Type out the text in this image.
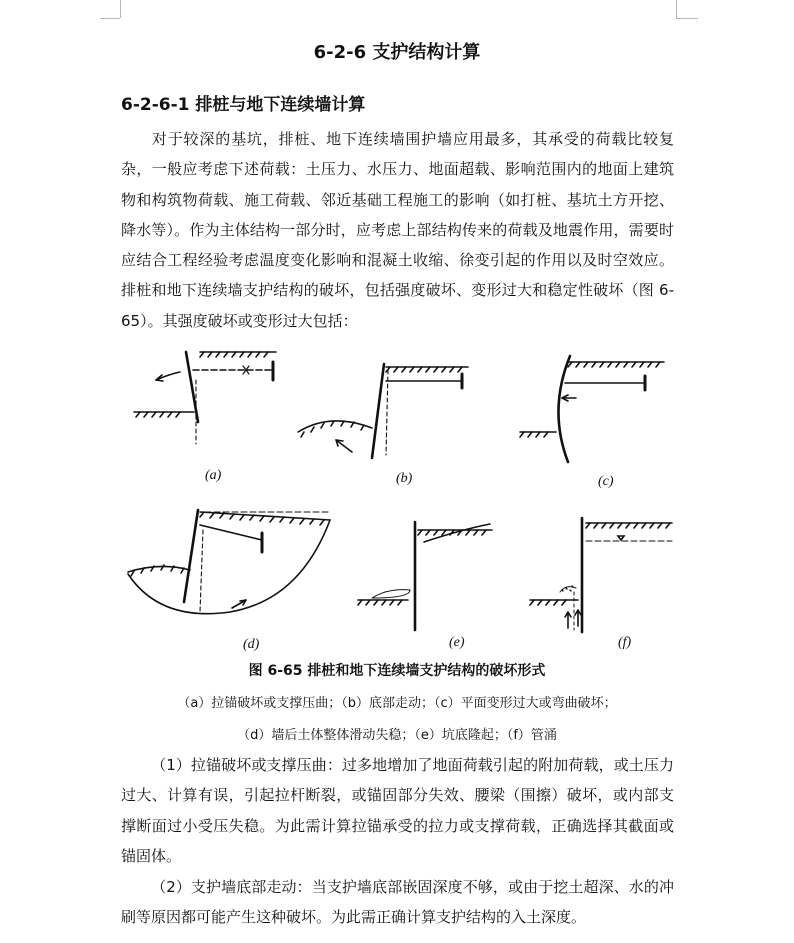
6-2-6 支护结构计算
6-2-6-1 排桩与地下连续墙计算

对于较深的基坑，排桩、地下连续墙围护墙应用最多，其承受的荷载比较复杂，一般应考虑下述荷载：土压力、水压力、地面超载、影响范围内的地面上建筑物和构筑物荷载、施工荷载、邻近基础工程施工的影响（如打桩、基坑土方开挖、降水等）。作为主体结构一部分时，应考虑上部结构传来的荷载及地震作用，需要时应结合工程经验考虑温度变化影响和混凝土收缩、徐变引起的作用以及时空效应。排桩和地下连续墙支护结构的破坏，包括强度破坏、变形过大和稳定性破坏（图 6-65）。其强度破坏或变形过大包括：

(a)	(b)	(c)
(d)	(e)	(f)

图 6-65 排桩和地下连续墙支护结构的破坏形式

（a）拉锚破坏或支撑压曲；（b）底部走动；（c）平面变形过大或弯曲破坏；

（d）墙后土体整体滑动失稳；（e）坑底隆起；（f）管涌

（1）拉锚破坏或支撑压曲：过多地增加了地面荷载引起的附加荷载，或土压力过大、计算有误，引起拉杆断裂，或锚固部分失效、腰梁（围擦）破坏，或内部支撑断面过小受压失稳。为此需计算拉锚承受的拉力或支撑荷载，正确选择其截面或锚固体。

（2）支护墙底部走动：当支护墙底部嵌固深度不够，或由于挖土超深、水的冲刷等原因都可能产生这种破坏。为此需正确计算支护结构的入土深度。
